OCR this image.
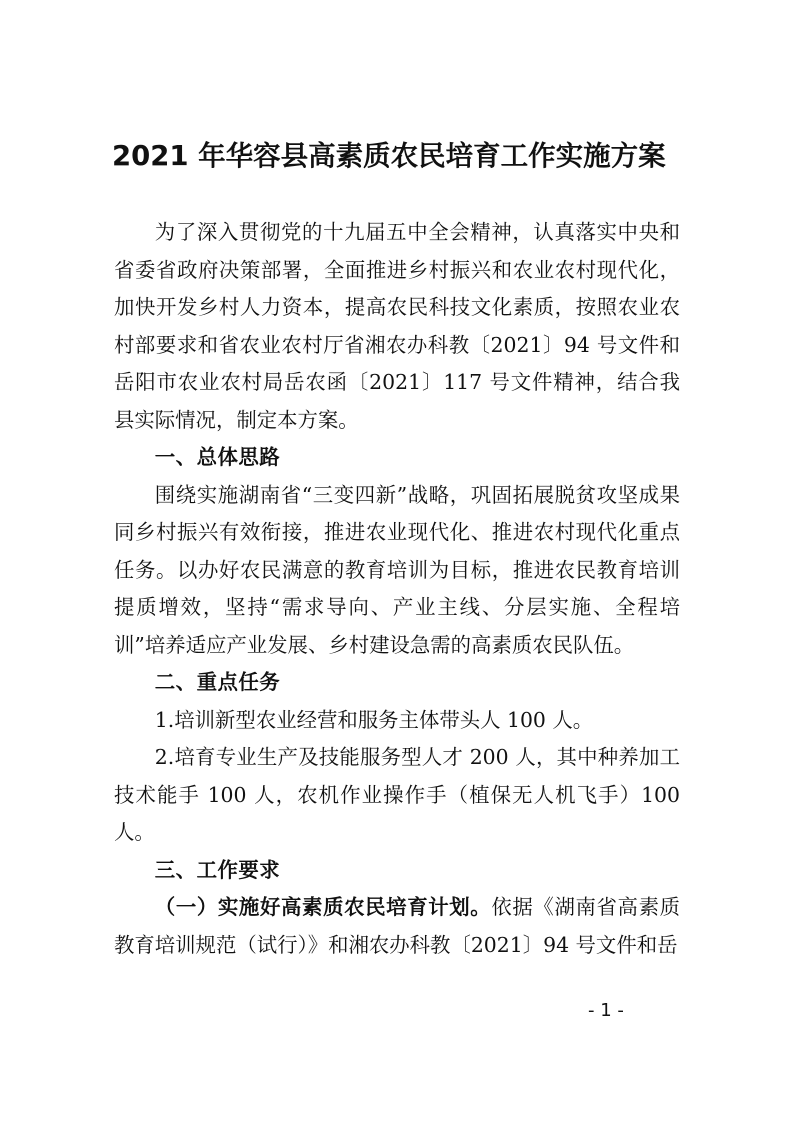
2021 年华容县高素质农民培育工作实施方案

为了深入贯彻党的十九届五中全会精神，认真落实中央和省委省政府决策部署，全面推进乡村振兴和农业农村现代化，加快开发乡村人力资本，提高农民科技文化素质，按照农业农村部要求和省农业农村厅省湘农办科教〔2021〕94 号文件和岳阳市农业农村局岳农函〔2021〕117 号文件精神，结合我县实际情况，制定本方案。

一、总体思路

围绕实施湖南省“三变四新”战略，巩固拓展脱贫攻坚成果同乡村振兴有效衔接，推进农业现代化、推进农村现代化重点任务。以办好农民满意的教育培训为目标，推进农民教育培训提质增效，坚持“需求导向、产业主线、分层实施、全程培训”培养适应产业发展、乡村建设急需的高素质农民队伍。

二、重点任务

1.培训新型农业经营和服务主体带头人 100 人。

2.培育专业生产及技能服务型人才 200 人，其中种养加工技术能手 100 人，农机作业操作手（植保无人机飞手）100 人。

三、工作要求

（一）实施好高素质农民培育计划。依据《湖南省高素质教育培训规范（试行）》和湘农办科教〔2021〕94 号文件和岳

- 1 -
